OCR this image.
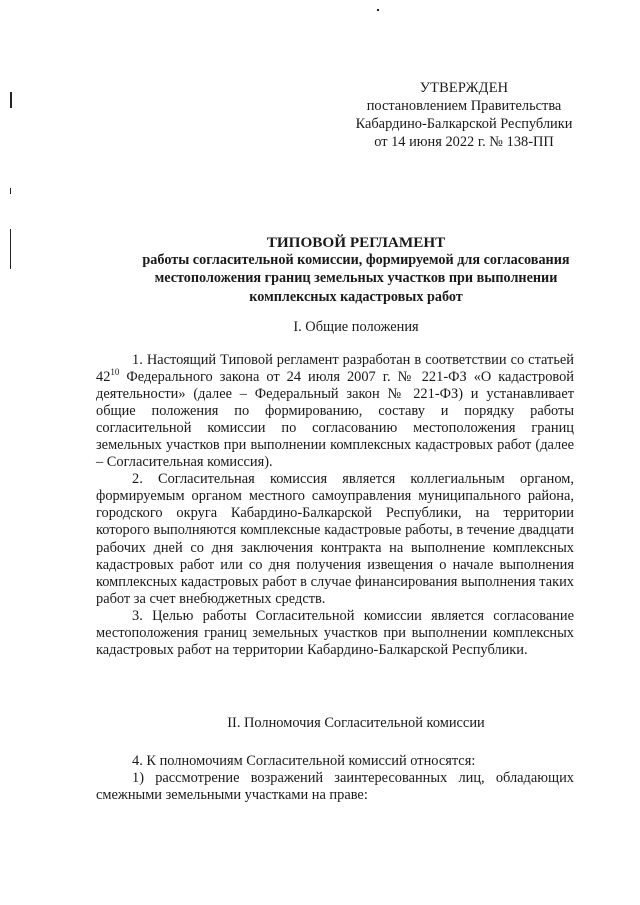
УТВЕРЖДЕН
постановлением Правительства
Кабардино-Балкарской Республики
от 14 июня 2022 г. № 138-ПП
ТИПОВОЙ РЕГЛАМЕНТ
работы согласительной комиссии, формируемой для согласования
местоположения границ земельных участков при выполнении
комплексных кадастровых работ
I. Общие положения

1. Настоящий Типовой регламент разработан в соответствии со статьей $42^{10}$ Федерального закона от 24 июля 2007 г. № 221-ФЗ «О кадастровой деятельности» (далее – Федеральный закон № 221-ФЗ) и устанавливает общие положения по формированию, составу и порядку работы согласительной комиссии по согласованию местоположения границ земельных участков при выполнении комплексных кадастровых работ (далее – Согласительная комиссия).

2. Согласительная комиссия является коллегиальным органом, формируемым органом местного самоуправления муниципального района, городского округа Кабардино-Балкарской Республики, на территории которого выполняются комплексные кадастровые работы, в течение двадцати рабочих дней со дня заключения контракта на выполнение комплексных кадастровых работ или со дня получения извещения о начале выполнения комплексных кадастровых работ в случае финансирования выполнения таких работ за счет внебюджетных средств.

3. Целью работы Согласительной комиссии является согласование местоположения границ земельных участков при выполнении комплексных кадастровых работ на территории Кабардино-Балкарской Республики.

II. Полномочия Согласительной комиссии

4. К полномочиям Согласительной комиссий относятся:

1) рассмотрение возражений заинтересованных лиц, обладающих смежными земельными участками на праве:
